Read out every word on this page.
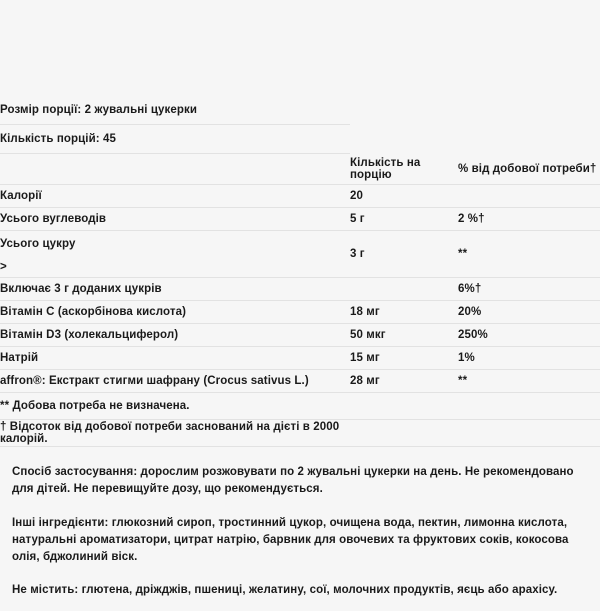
Розмір порції: 2 жувальні цукерки		
Кількість порцій: 45		
	Кількість на порцію	% від добової потреби†
Калорії	20	
Усього вуглеводів	5 г	2 %†

Усього цукру
>	3 г	**
Включає 3 г доданих цукрів		6%†
Вітамін C (аскорбінова кислота)	18 мг	20%
Вітамін D3 (холекальциферол)	50 мкг	250%
Натрій	15 мг	1%
affron®: Екстракт стигми шафрану (Crocus sativus L.)	28 мг	**
** Добова потреба не визначена.		
† Відсоток від добової потреби заснований на дієті в 2000 калорій.		

Спосіб застосування: дорослим розжовувати по 2 жувальні цукерки на день. Не рекомендовано для дітей. Не перевищуйте дозу, що рекомендується.

Інші інгредієнти: глюкозний сироп, тростинний цукор, очищена вода, пектин, лимонна кислота, натуральні ароматизатори, цитрат натрію, барвник для овочевих та фруктових соків, кокосова олія, бджолиний віск.

Не містить: глютена, дріжджів, пшениці, желатину, сої, молочних продуктів, яєць або арахісу.
